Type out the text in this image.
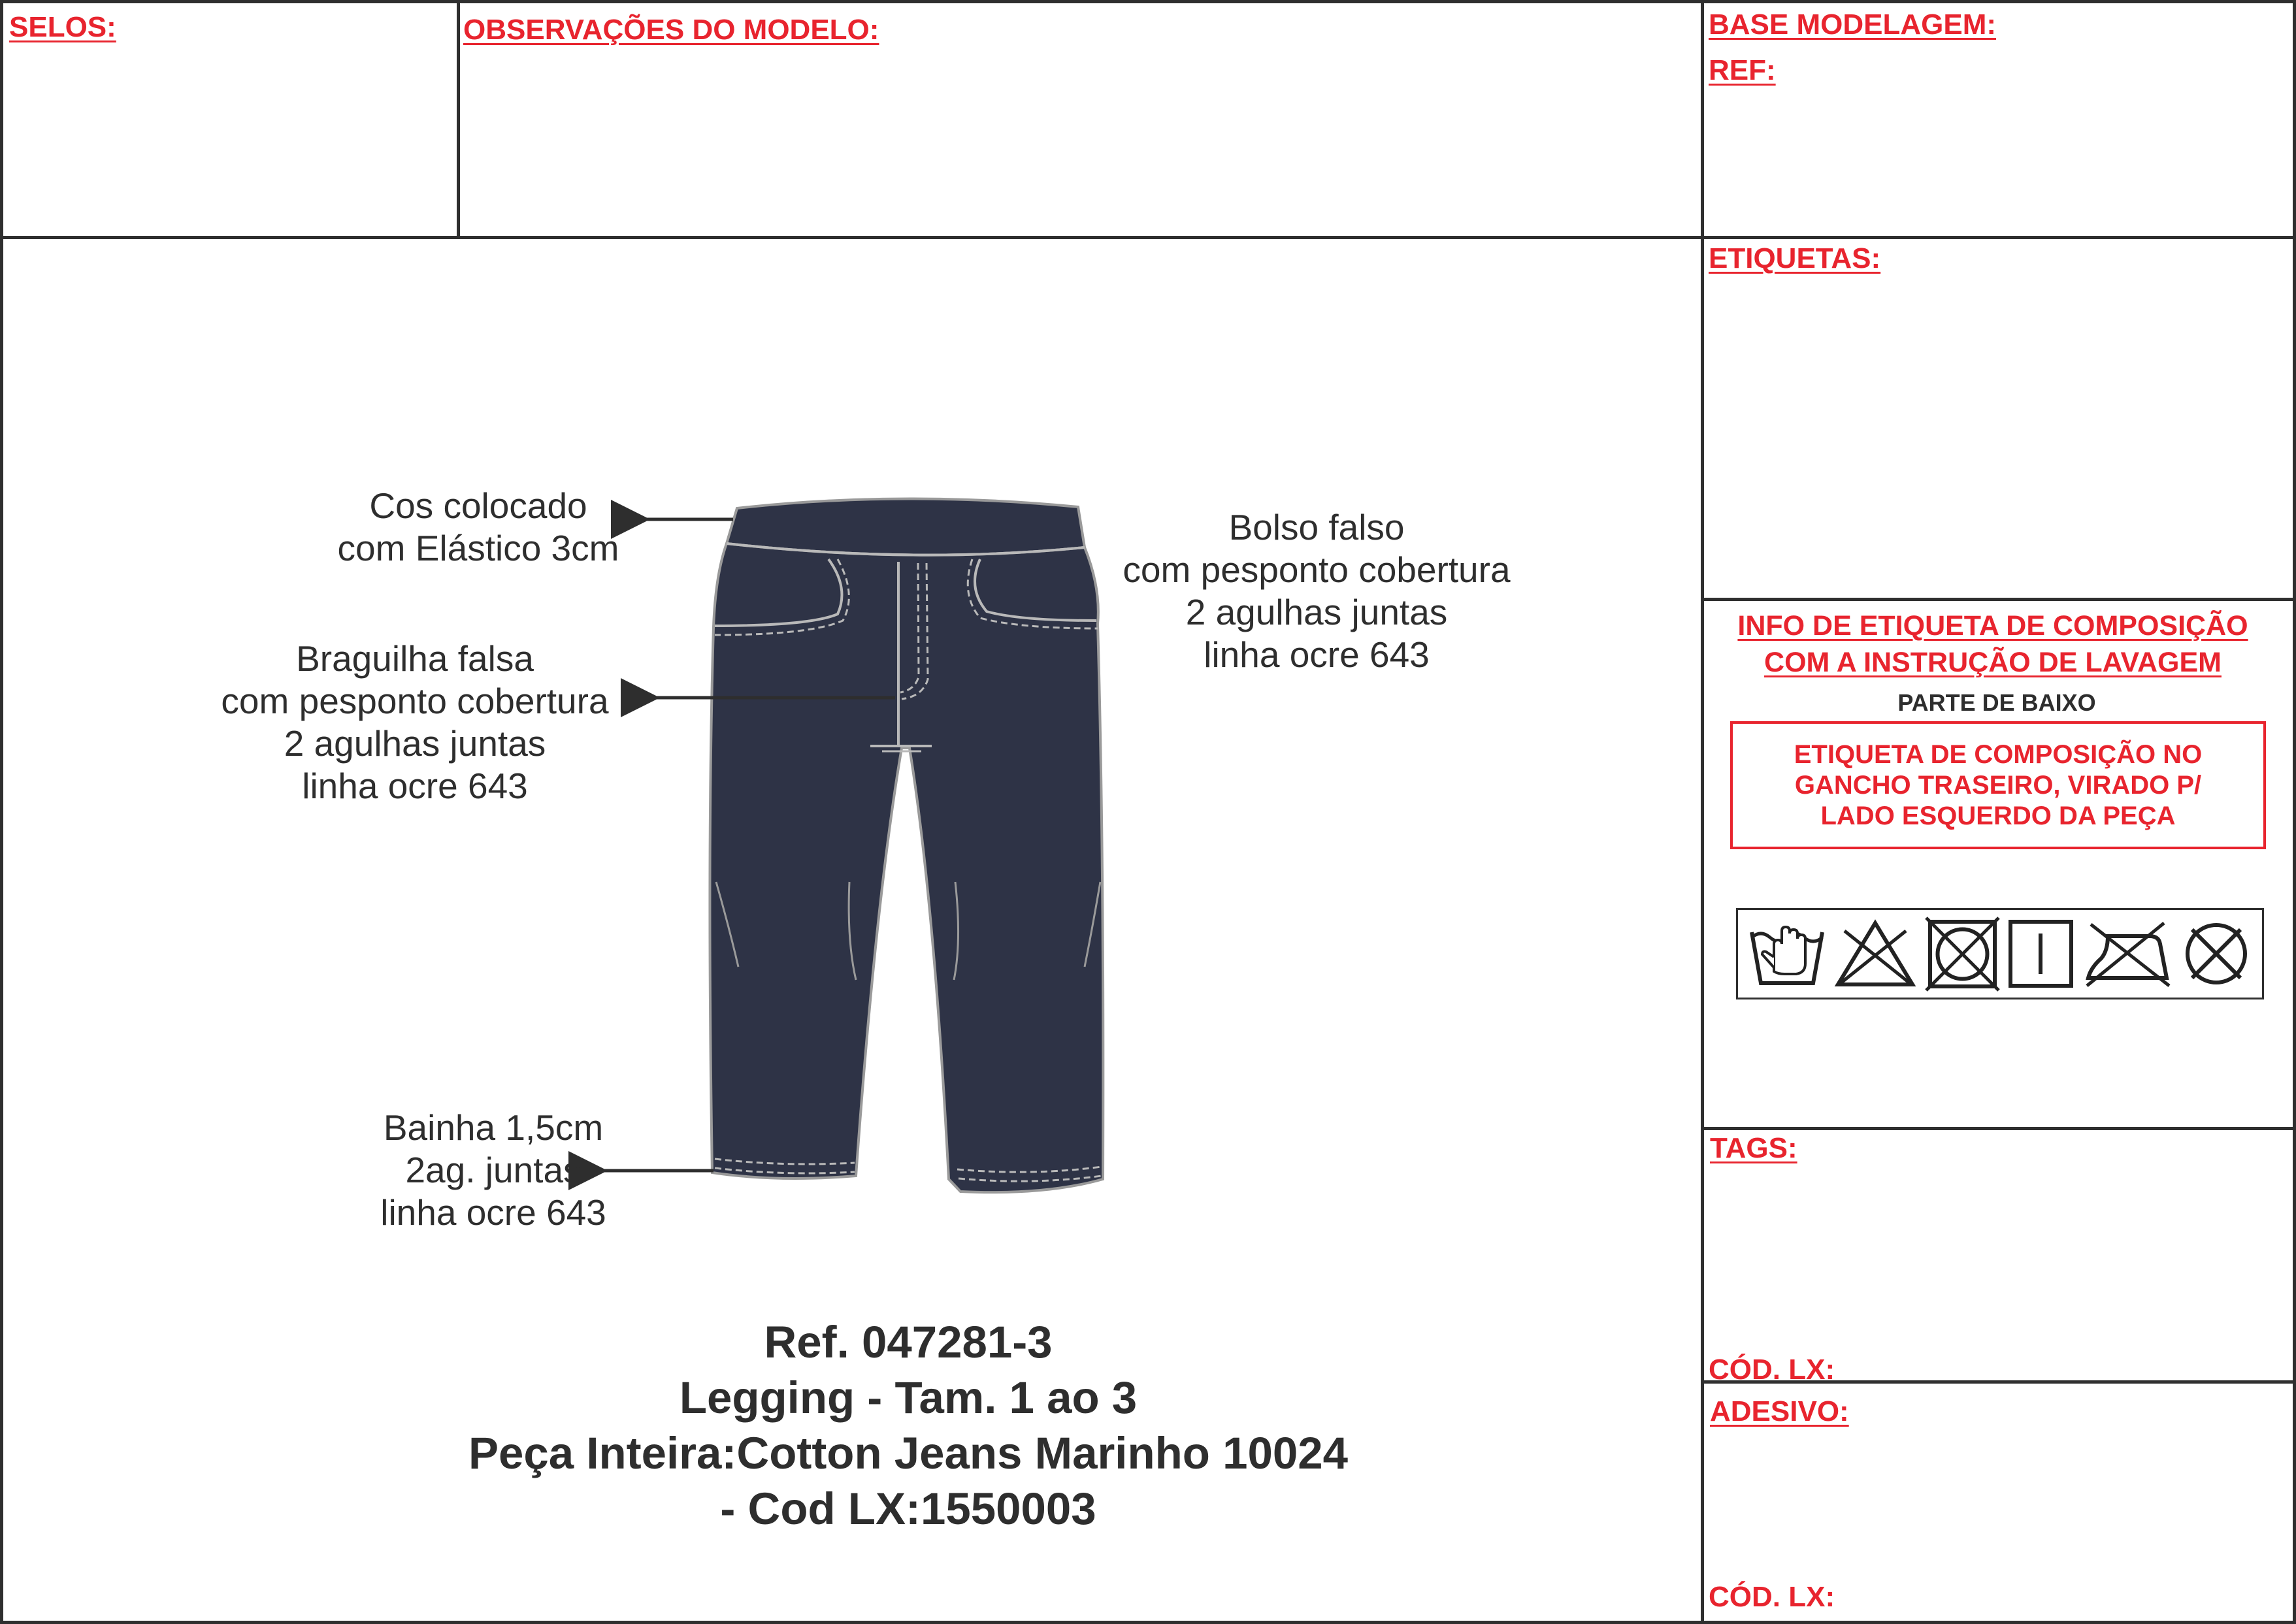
SELOS:	OBSERVAÇÕES DO MODELO:	BASE MODELAGEM:
REF:
ETIQUETAS:
INFO DE ETIQUETA DE COMPOSIÇÃO COM A INSTRUÇÃO DE LAVAGEM
TAGS:
CÓD. LX:
ADESIVO:
CÓD. LX:
PARTE DE BAIXO
ETIQUETA DE COMPOSIÇÃO NO
GANCHO TRASEIRO, VIRADO P/
LADO ESQUERDO DA PEÇA
Cos colocado
com Elástico 3cm
Braguilha falsa
com pesponto cobertura
2 agulhas juntas
linha ocre 643
Bolso falso
com pesponto cobertura
2 agulhas juntas
linha ocre 643
Bainha 1,5cm
2ag. juntas
linha ocre 643
Ref. 047281-3
Legging - Tam. 1 ao 3
Peça Inteira:Cotton Jeans Marinho 10024
- Cod LX:1550003
